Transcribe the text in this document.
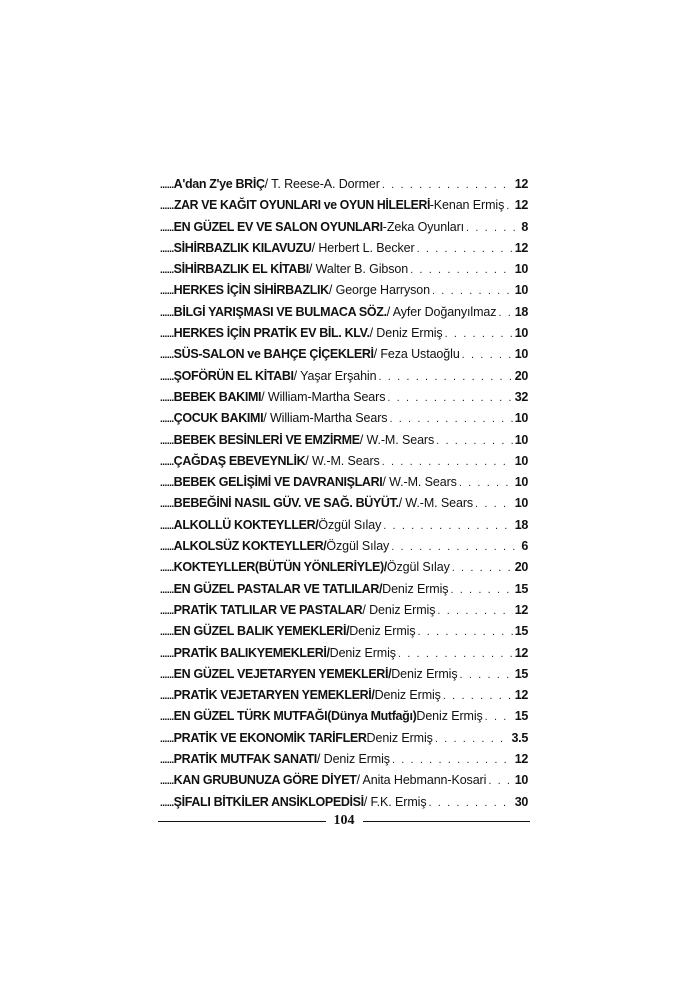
...... A'dan Z'ye BRİÇ / T. Reese-A. Dormer . . .	12
...... ZAR VE KAĞIT OYUNLARI ve OYUN HİLELERİ -Kenan Ermiş . . . 12
...... EN GÜZEL EV VE SALON OYUNLARI -Zeka Oyunları . . .	8
...... SİHİRBAZLIK KILAVUZU / Herbert L. Becker . . .	12
...... SİHİRBAZLIK EL KİTABI / Walter B. Gibson . . .	10
...... HERKES İÇİN SİHİRBAZLIK / George Harryson . . .	10
...... BİLGİ YARIŞMASI VE BULMACA SÖZ. / Ayfer Doğanyılmaz . . . 18
...... HERKES İÇİN PRATİK EV BİL. KLV. / Deniz Ermiş . . .	10
...... SÜS-SALON ve BAHÇE ÇİÇEKLERİ / Feza Ustaoğlu . . .	10
...... ŞOFÖRÜN EL KİTABI / Yaşar Erşahin . . .	20
...... BEBEK BAKIMI / William-Martha Sears . . .	32
...... ÇOCUK BAKIMI / William-Martha Sears . . .	10
...... BEBEK BESİNLERİ VE EMZİRME / W.-M. Sears . . .	10
...... ÇAĞDAŞ EBEVEYNLİK / W.-M. Sears . . .	10
...... BEBEK GELİŞİMİ VE DAVRANIŞLARI / W.-M. Sears . . .	10
...... BEBEĞİNİ NASIL GÜV. VE SAĞ. BÜYÜT. / W.-M. Sears . . .	10
...... ALKOLLÜ KOKTEYLLER/ Özgül Sılay . . .	18
...... ALKOLSÜZ KOKTEYLLER/ Özgül Sılay . . .	6
...... KOKTEYLLER(BÜTÜN YÖNLERİYLE)/ Özgül Sılay . . .	20
...... EN GÜZEL PASTALAR VE TATLILAR/ Deniz Ermiş . . .	15
...... PRATİK TATLILAR VE PASTALAR / Deniz Ermiş . . .	12
...... EN GÜZEL BALIK YEMEKLERİ/ Deniz Ermiş . . .	15
...... PRATİK BALIKYEMEKLERİ/ Deniz Ermiş . . .	12
...... EN GÜZEL VEJETARYEN YEMEKLERİ/ Deniz Ermiş . . .	15
...... PRATİK VEJETARYEN YEMEKLERİ/ Deniz Ermiş . . .	12
...... EN GÜZEL TÜRK MUTFAĞI(Dünya Mutfağı) Deniz Ermiş . . .	15
...... PRATİK VE EKONOMİK TARİFLER Deniz Ermiş . . .	3.5
...... PRATİK MUTFAK SANATI / Deniz Ermiş . . .	12
...... KAN GRUBUNUZA GÖRE DİYET / Anita Hebmann-Kosari . . . 10
...... ŞİFALI BİTKİLER ANSİKLOPEDİSİ / F.K. Ermiş . . .	30
104
